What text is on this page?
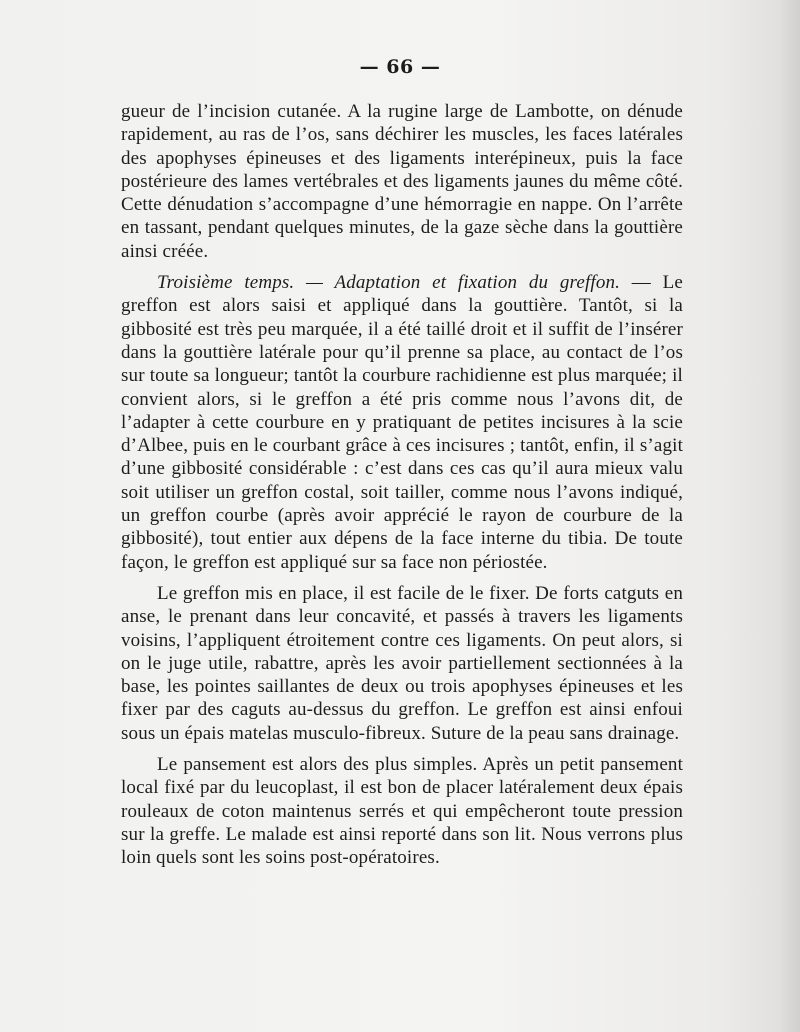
— 66 —

gueur de l’incision cutanée. A la rugine large de Lambotte, on dénude rapidement, au ras de l’os, sans déchirer les muscles, les faces latérales des apophyses épineuses et des ligaments interépineux, puis la face postérieure des lames vertébrales et des ligaments jaunes du même côté. Cette dénudation s’accompagne d’une hémorragie en nappe. On l’arrête en tassant, pendant quelques minutes, de la gaze sèche dans la gouttière ainsi créée.

Troisième temps. — Adaptation et fixation du greffon. — Le greffon est alors saisi et appliqué dans la gouttière. Tantôt, si la gibbosité est très peu marquée, il a été taillé droit et il suffit de l’insérer dans la gouttière latérale pour qu’il prenne sa place, au contact de l’os sur toute sa longueur; tantôt la courbure rachidienne est plus marquée; il convient alors, si le greffon a été pris comme nous l’avons dit, de l’adapter à cette courbure en y pratiquant de petites incisures à la scie d’Albee, puis en le courbant grâce à ces incisures ; tantôt, enfin, il s’agit d’une gibbosité considérable : c’est dans ces cas qu’il aura mieux valu soit utiliser un greffon costal, soit tailler, comme nous l’avons indiqué, un greffon courbe (après avoir apprécié le rayon de courbure de la gibbosité), tout entier aux dépens de la face interne du tibia. De toute façon, le greffon est appliqué sur sa face non périostée.

Le greffon mis en place, il est facile de le fixer. De forts catguts en anse, le prenant dans leur concavité, et passés à travers les ligaments voisins, l’appliquent étroitement contre ces ligaments. On peut alors, si on le juge utile, rabattre, après les avoir partiellement sectionnées à la base, les pointes saillantes de deux ou trois apophyses épineuses et les fixer par des caguts au-dessus du greffon. Le greffon est ainsi enfoui sous un épais matelas musculo-fibreux. Suture de la peau sans drainage.

Le pansement est alors des plus simples. Après un petit pansement local fixé par du leucoplast, il est bon de placer latéralement deux épais rouleaux de coton maintenus serrés et qui empêcheront toute pression sur la greffe. Le malade est ainsi reporté dans son lit. Nous verrons plus loin quels sont les soins post-opératoires.
